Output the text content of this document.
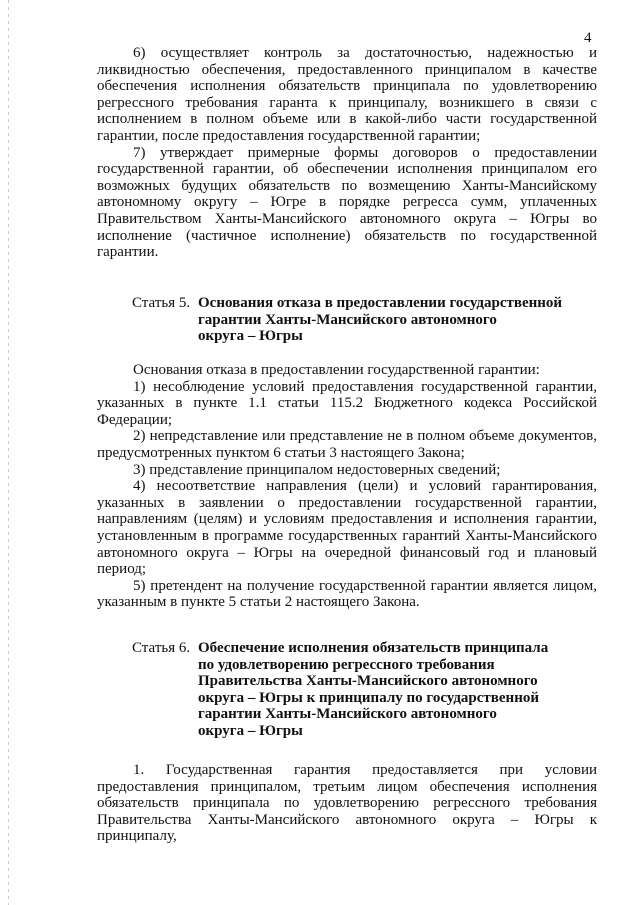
4

6) осуществляет контроль за достаточностью, надежностью и ликвидностью обеспечения, предоставленного принципалом в качестве обеспечения исполнения обязательств принципала по удовлетворению регрессного требования гаранта к принципалу, возникшего в связи с исполнением в полном объеме или в какой-либо части государственной гарантии, после предоставления государственной гарантии;

7) утверждает примерные формы договоров о предоставлении государственной гарантии, об обеспечении исполнения принципалом его возможных будущих обязательств по возмещению Ханты-Мансийскому автономному округу – Югре в порядке регресса сумм, уплаченных Правительством Ханты-Мансийского автономного округа – Югры во исполнение (частичное исполнение) обязательств по государственной гарантии.

Статья 5. Основания отказа в предоставлении государственной
гарантии Ханты-Мансийского автономного
округа – Югры

Основания отказа в предоставлении государственной гарантии:

1) несоблюдение условий предоставления государственной гарантии, указанных в пункте 1.1 статьи 115.2 Бюджетного кодекса Российской Федерации;

2) непредставление или представление не в полном объеме документов, предусмотренных пунктом 6 статьи 3 настоящего Закона;

3) представление принципалом недостоверных сведений;

4) несоответствие направления (цели) и условий гарантирования, указанных в заявлении о предоставлении государственной гарантии, направлениям (целям) и условиям предоставления и исполнения гарантии, установленным в программе государственных гарантий Ханты-Мансийского автономного округа – Югры на очередной финансовый год и плановый период;

5) претендент на получение государственной гарантии является лицом, указанным в пункте 5 статьи 2 настоящего Закона.

Статья 6. Обеспечение исполнения обязательств принципала
по удовлетворению регрессного требования
Правительства Ханты-Мансийского автономного
округа – Югры к принципалу по государственной
гарантии Ханты-Мансийского автономного
округа – Югры

1. Государственная гарантия предоставляется при условии предоставления принципалом, третьим лицом обеспечения исполнения обязательств принципала по удовлетворению регрессного требования Правительства Ханты-Мансийского автономного округа – Югры к принципалу,
